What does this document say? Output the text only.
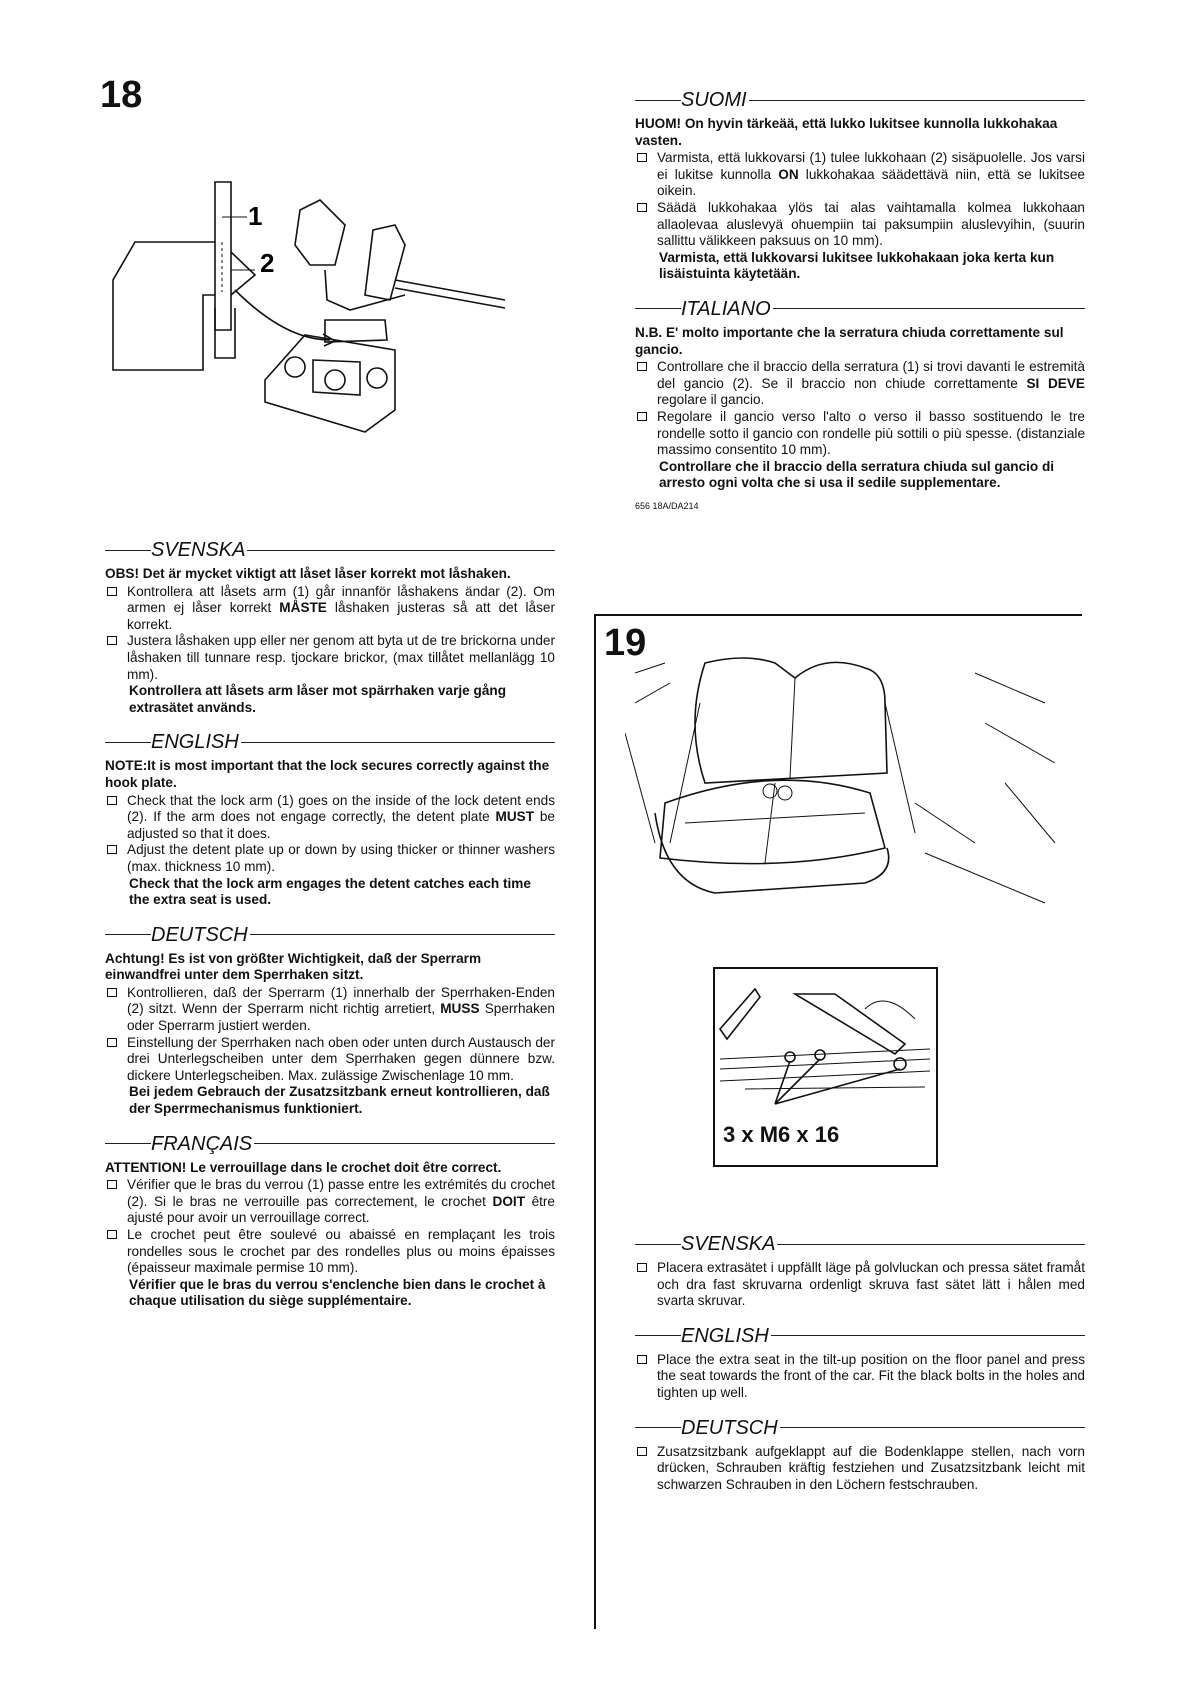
18
19
1
2
3 x M6 x 16
SVENSKA
OBS! Det är mycket viktigt att låset låser korrekt mot låshaken.
Kontrollera att låsets arm (1) går innanför låshakens ändar (2). Om armen ej låser korrekt MÅSTE låshaken justeras så att det låser korrekt.
Justera låshaken upp eller ner genom att byta ut de tre brickorna under låshaken till tunnare resp. tjockare brickor, (max tillåtet mellanlägg 10 mm).
Kontrollera att låsets arm låser mot spärrhaken varje gång extrasätet används.
ENGLISH
NOTE:It is most important that the lock secures correctly against the hook plate.
Check that the lock arm (1) goes on the inside of the lock detent ends (2). If the arm does not engage correctly, the detent plate MUST be adjusted so that it does.
Adjust the detent plate up or down by using thicker or thinner washers (max. thickness 10 mm).
Check that the lock arm engages the detent catches each time the extra seat is used.
DEUTSCH
Achtung! Es ist von größter Wichtigkeit, daß der Sperrarm einwandfrei unter dem Sperrhaken sitzt.
Kontrollieren, daß der Sperrarm (1) innerhalb der Sperrhaken-Enden (2) sitzt. Wenn der Sperrarm nicht richtig arretiert, MUSS Sperrhaken oder Sperrarm justiert werden.
Einstellung der Sperrhaken nach oben oder unten durch Austausch der drei Unterlegscheiben unter dem Sperrhaken gegen dünnere bzw. dickere Unterlegscheiben. Max. zulässige Zwischenlage 10 mm.
Bei jedem Gebrauch der Zusatzsitzbank erneut kontrollieren, daß der Sperrmechanismus funktioniert.
FRANÇAIS
ATTENTION! Le verrouillage dans le crochet doit être correct.
Vérifier que le bras du verrou (1) passe entre les extrémités du crochet (2). Si le bras ne verrouille pas correctement, le crochet DOIT être ajusté pour avoir un verrouillage correct.
Le crochet peut être soulevé ou abaissé en remplaçant les trois rondelles sous le crochet par des rondelles plus ou moins épaisses (épaisseur maximale permise 10 mm).
Vérifier que le bras du verrou s'enclenche bien dans le crochet à chaque utilisation du siège supplémentaire.
SUOMI
HUOM! On hyvin tärkeää, että lukko lukitsee kunnolla lukkohakaa vasten.
Varmista, että lukkovarsi (1) tulee lukkohaan (2) sisäpuolelle. Jos varsi ei lukitse kunnolla ON lukkohakaa säädettävä niin, että se lukitsee oikein.
Säädä lukkohakaa ylös tai alas vaihtamalla kolmea lukkohaan allaolevaa aluslevyä ohuempiin tai paksumpiin aluslevyihin, (suurin sallittu välikkeen paksuus on 10 mm).
Varmista, että lukkovarsi lukitsee lukkohakaan joka kerta kun lisäistuinta käytetään.
ITALIANO
N.B. E' molto importante che la serratura chiuda correttamente sul gancio.
Controllare che il braccio della serratura (1) si trovi davanti le estremità del gancio (2). Se il braccio non chiude correttamente SI DEVE regolare il gancio.
Regolare il gancio verso l'alto o verso il basso sostituendo le tre rondelle sotto il gancio con rondelle più sottili o più spesse. (distanziale massimo consentito 10 mm).
Controllare che il braccio della serratura chiuda sul gancio di arresto ogni volta che si usa il sedile supplementare.
656 18A/DA214
SVENSKA
Placera extrasätet i uppfällt läge på golvluckan och pressa sätet framåt och dra fast skruvarna ordenligt skruva fast sätet lätt i hålen med svarta skruvar.
ENGLISH
Place the extra seat in the tilt-up position on the floor panel and press the seat towards the front of the car. Fit the black bolts in the holes and tighten up well.
DEUTSCH
Zusatzsitzbank aufgeklappt auf die Bodenklappe stellen, nach vorn drücken, Schrauben kräftig festziehen und Zusatzsitzbank leicht mit schwarzen Schrauben in den Löchern festschrauben.
